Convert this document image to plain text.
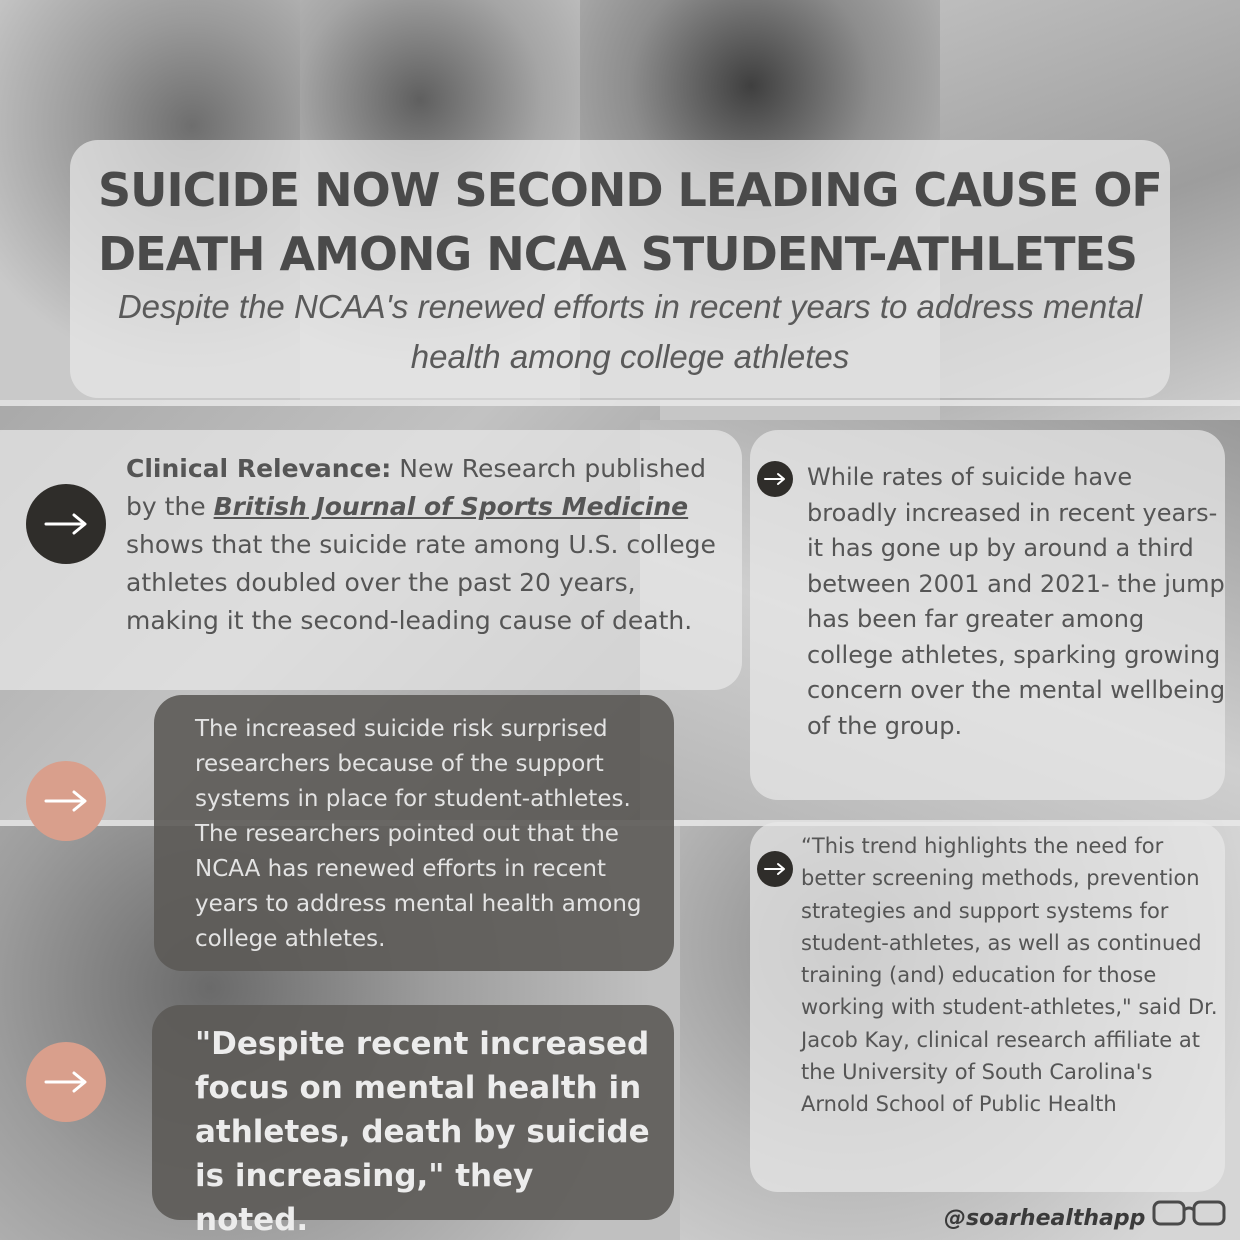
SUICIDE NOW SECOND LEADING CAUSE OF DEATH AMONG NCAA STUDENT-ATHLETES

Despite the NCAA's renewed efforts in recent years to address mental health among college athletes

Clinical Relevance: New Research published by the British Journal of Sports Medicine shows that the suicide rate among U.S. college athletes doubled over the past 20 years, making it the second-leading cause of death.

The increased suicide risk surprised researchers because of the support systems in place for student-athletes. The researchers pointed out that the NCAA has renewed efforts in recent years to address mental health among college athletes.

"Despite recent increased focus on mental health in athletes, death by suicide is increasing," they noted.

While rates of suicide have broadly increased in recent years-it has gone up by around a third between 2001 and 2021- the jump has been far greater among college athletes, sparking growing concern over the mental wellbeing of the group.

“This trend highlights the need for better screening methods, prevention strategies and support systems for student-athletes, as well as continued training (and) education for those working with student-athletes," said Dr. Jacob Kay, clinical research affiliate at the University of South Carolina's Arnold School of Public Health

@soarhealthapp
